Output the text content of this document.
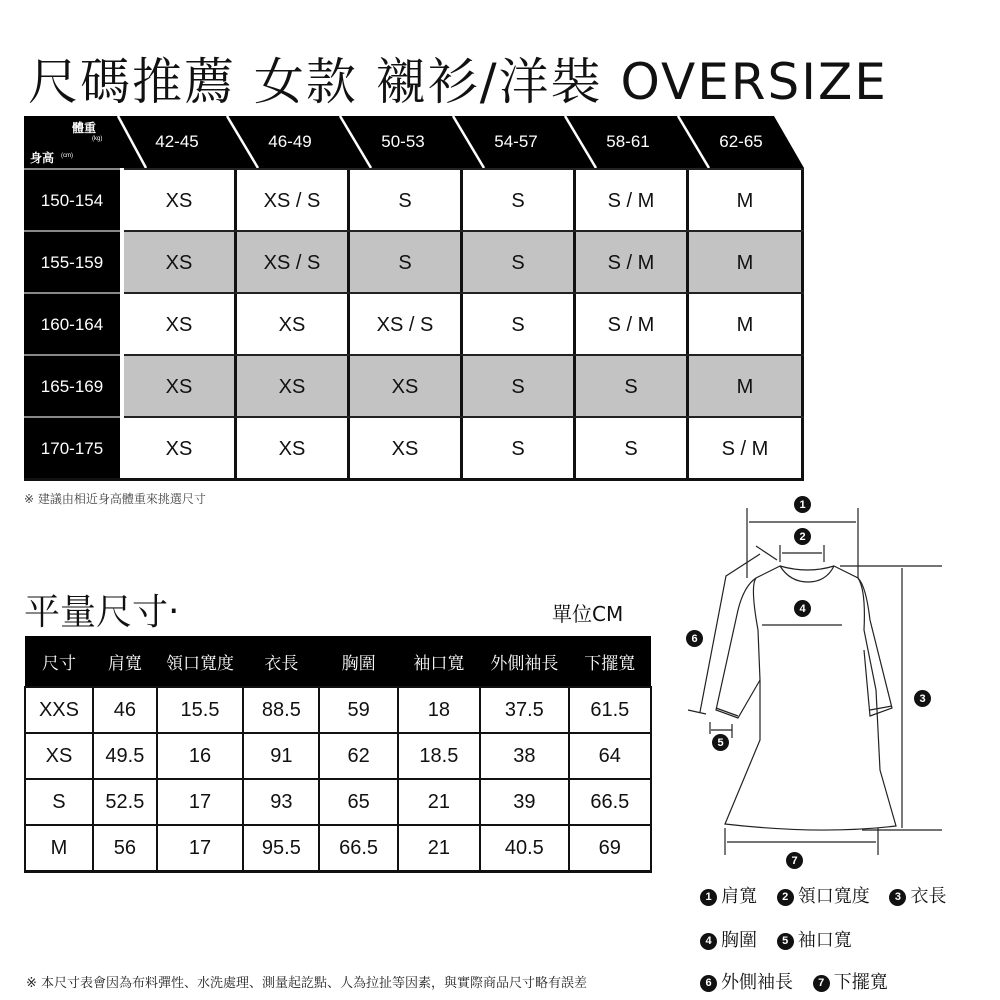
尺碼推薦 女款 襯衫/洋裝 OVERSIZE
體重
(kg)
身高 (cm)
42-45	46-49	50-53	54-57	58-61	62-65
150-154	XS	XS / S	S	S	S / M	M
155-159	XS	XS / S	S	S	S / M	M
160-164	XS	XS	XS / S	S	S / M	M
165-169	XS	XS	XS	S	S	M
170-175	XS	XS	XS	S	S	S / M
※ 建議由相近身高體重來挑選尺寸
平量尺寸‧	單位CM
尺寸	肩寬	領口寬度	衣長	胸圍	袖口寬	外側袖長	下擺寬
XXS	46	15.5	88.5	59	18	37.5	61.5
XS	49.5	16	91	62	18.5	38	64
S	52.5	17	93	65	21	39	66.5
M	56	17	95.5	66.5	21	40.5	69
※ 本尺寸表會因為布料彈性、水洗處理、測量起訖點、人為拉扯等因素，與實際商品尺寸略有誤差
1
2
3
4
5
6
7
1 肩寬 2 領口寬度 3 衣長
4 胸圍 5 袖口寬
6 外側袖長 7 下擺寬
